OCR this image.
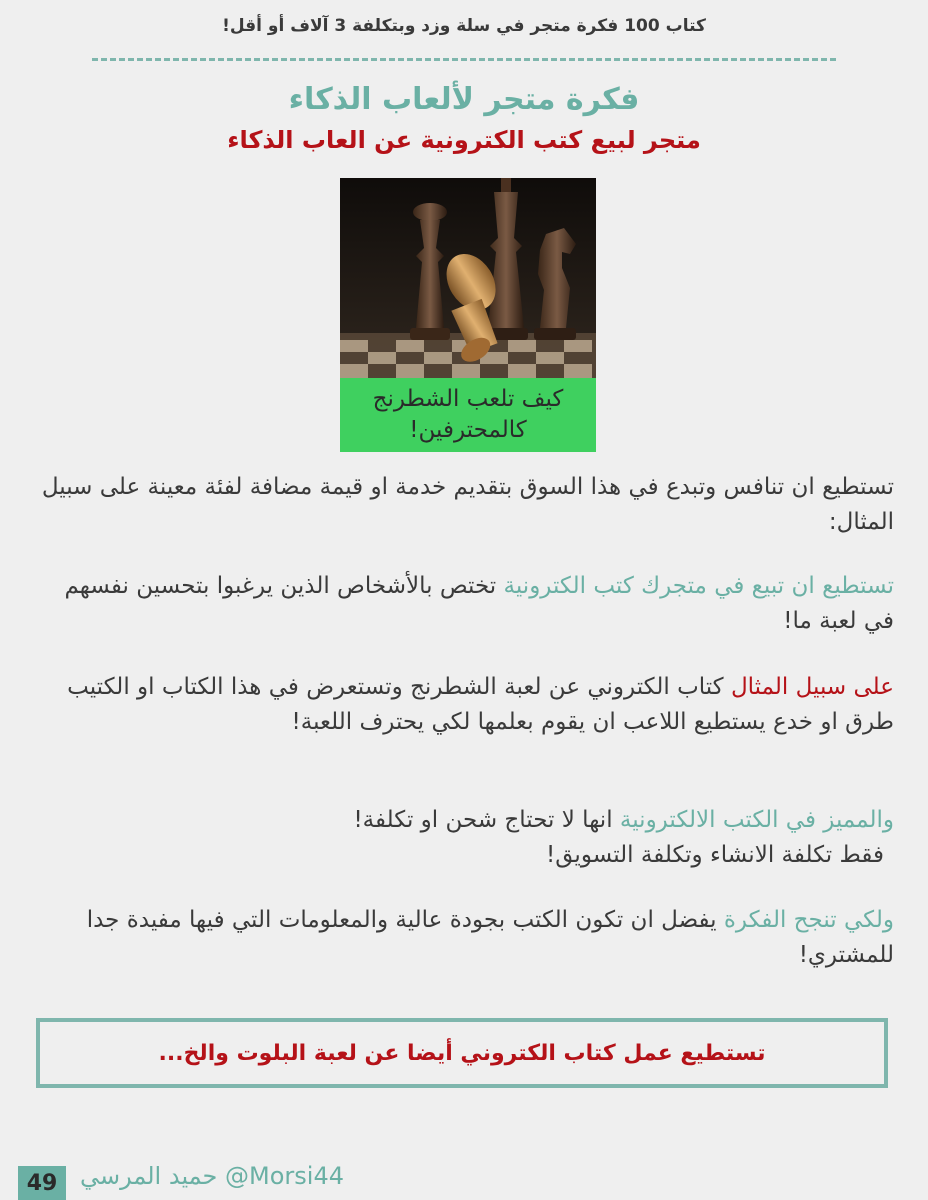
كتاب 100 فكرة متجر في سلة وزد وبتكلفة 3 آلاف أو أقل!
فكرة متجر لألعاب الذكاء
متجر لبيع كتب الكترونية عن العاب الذكاء
كيف تلعب الشطرنج
كالمحترفين!
تستطيع ان تنافس وتبدع في هذا السوق بتقديم خدمة او قيمة مضافة لفئة معينة على سبيل المثال:
تستطيع ان تبيع في متجرك كتب الكترونية تختص بالأشخاص الذين يرغبوا بتحسين نفسهم في لعبة ما!
على سبيل المثال كتاب الكتروني عن لعبة الشطرنج وتستعرض في هذا الكتاب او الكتيب طرق او خدع يستطيع اللاعب ان يقوم بعلمها لكي يحترف اللعبة!
والمميز في الكتب الالكترونية انها لا تحتاج شحن او تكلفة!
فقط تكلفة الانشاء وتكلفة التسويق!
ولكي تنجح الفكرة يفضل ان تكون الكتب بجودة عالية والمعلومات التي فيها مفيدة جدا للمشتري!
تستطيع عمل كتاب الكتروني أيضا عن لعبة البلوت والخ...
حميد المرسي @Morsi44
49
